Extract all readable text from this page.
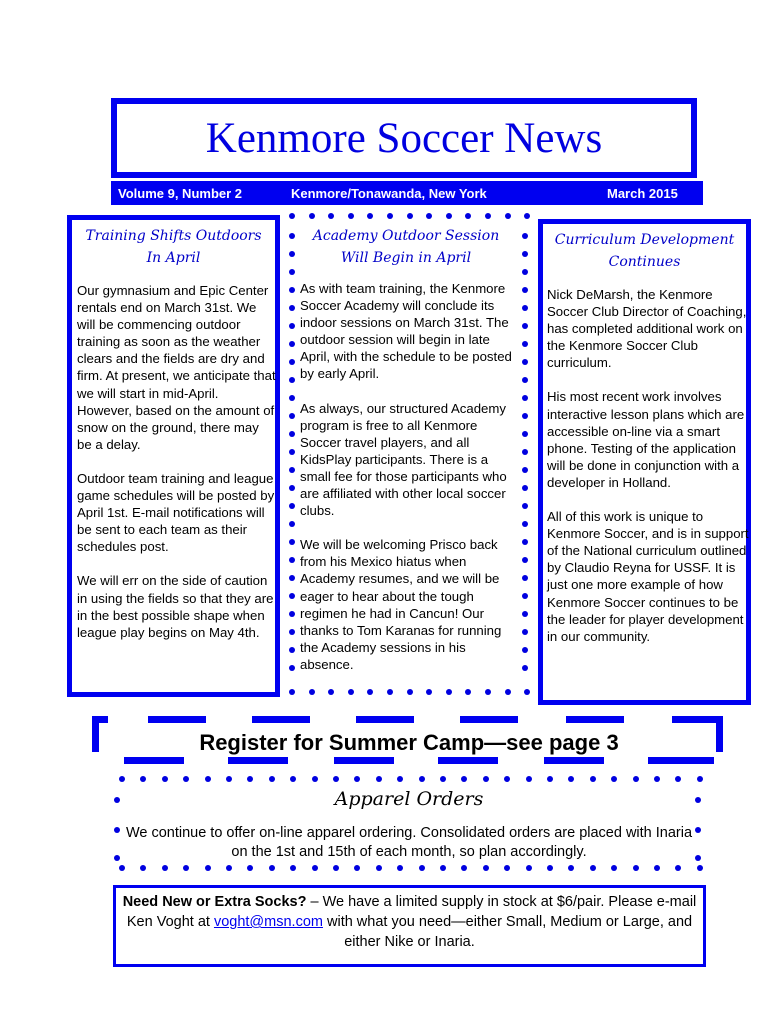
Kenmore Soccer News
Volume 9, Number 2	Kenmore/Tonawanda, New York	March 2015
Training Shifts Outdoors
In April

Our gymnasium and Epic Center rentals end on March 31st. We will be commencing outdoor training as soon as the weather clears and the fields are dry and firm. At present, we anticipate that we will start in mid-April. However, based on the amount of snow on the ground, there may be a delay.

Outdoor team training and league game schedules will be posted by April 1st. E-mail notifications will be sent to each team as their schedules post.

We will err on the side of caution in using the fields so that they are in the best possible shape when league play begins on May 4th.

Academy Outdoor Session
Will Begin in April

As with team training, the Kenmore Soccer Academy will conclude its indoor sessions on March 31st. The outdoor session will begin in late April, with the schedule to be posted by early April.

As always, our structured Academy program is free to all Kenmore Soccer travel players, and all KidsPlay participants. There is a small fee for those participants who are affiliated with other local soccer clubs.

We will be welcoming Prisco back from his Mexico hiatus when Academy resumes, and we will be eager to hear about the tough regimen he had in Cancun! Our thanks to Tom Karanas for running the Academy sessions in his absence.

Curriculum Development
Continues

Nick DeMarsh, the Kenmore Soccer Club Director of Coaching, has completed additional work on the Kenmore Soccer Club curriculum.

His most recent work involves interactive lesson plans which are accessible on-line via a smart phone. Testing of the application will be done in conjunction with a developer in Holland.

All of this work is unique to Kenmore Soccer, and is in support of the National curriculum outlined by Claudio Reyna for USSF. It is just one more example of how Kenmore Soccer continues to be the leader for player development in our community.

Register for Summer Camp—see page 3
Apparel Orders
We continue to offer on-line apparel ordering. Consolidated orders are placed with Inaria on the 1st and 15th of each month, so plan accordingly.
Need New or Extra Socks? – We have a limited supply in stock at $6/pair. Please e-mail Ken Voght at voght@msn.com with what you need—either Small, Medium or Large, and either Nike or Inaria.
